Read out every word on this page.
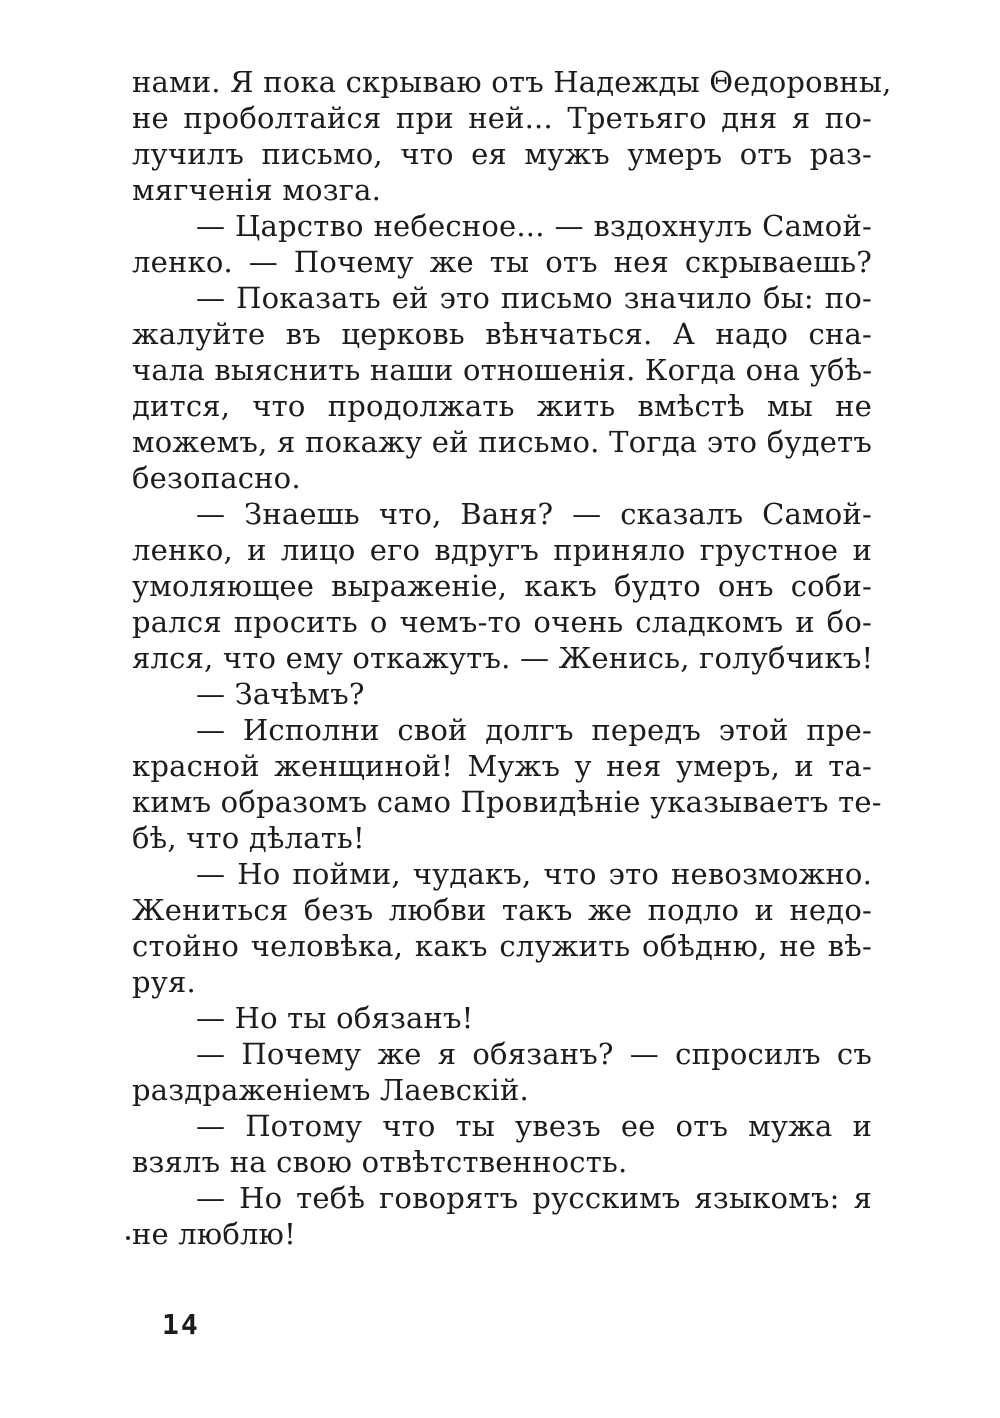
нами. Я пока скрываю отъ Надежды Θедоровны,
не проболтайся при ней... Третьяго дня я по-
лучилъ письмо, что ея мужъ умеръ отъ раз-
мягченія мозга.
— Царство небесное... — вздохнулъ Самой-
ленко. — Почему же ты отъ нея скрываешь?
— Показать ей это письмо значило бы: по-
жалуйте въ церковь вѣнчаться. А надо сна-
чала выяснить наши отношенія. Когда она убѣ-
дится, что продолжать жить вмѣстѣ мы не
можемъ, я покажу ей письмо. Тогда это будетъ
безопасно.
— Знаешь что, Ваня? — сказалъ Самой-
ленко, и лицо его вдругъ приняло грустное и
умоляющее выраженіе, какъ будто онъ соби-
рался просить о чемъ-то очень сладкомъ и бо-
ялся, что ему откажутъ. — Женись, голубчикъ!
— Зачѣмъ?
— Исполни свой долгъ передъ этой пре-
красной женщиной! Мужъ у нея умеръ, и та-
кимъ образомъ само Провидѣніе указываетъ те-
бѣ, что дѣлать!
— Но пойми, чудакъ, что это невозможно.
Жениться безъ любви такъ же подло и недо-
стойно человѣка, какъ служить обѣдню, не вѣ-
руя.
— Но ты обязанъ!
— Почему же я обязанъ? — спросилъ съ
раздраженіемъ Лаевскій.
— Потому что ты увезъ ее отъ мужа и
взялъ на свою отвѣтственность.
— Но тебѣ говорятъ русскимъ языкомъ: я
не люблю!
14
